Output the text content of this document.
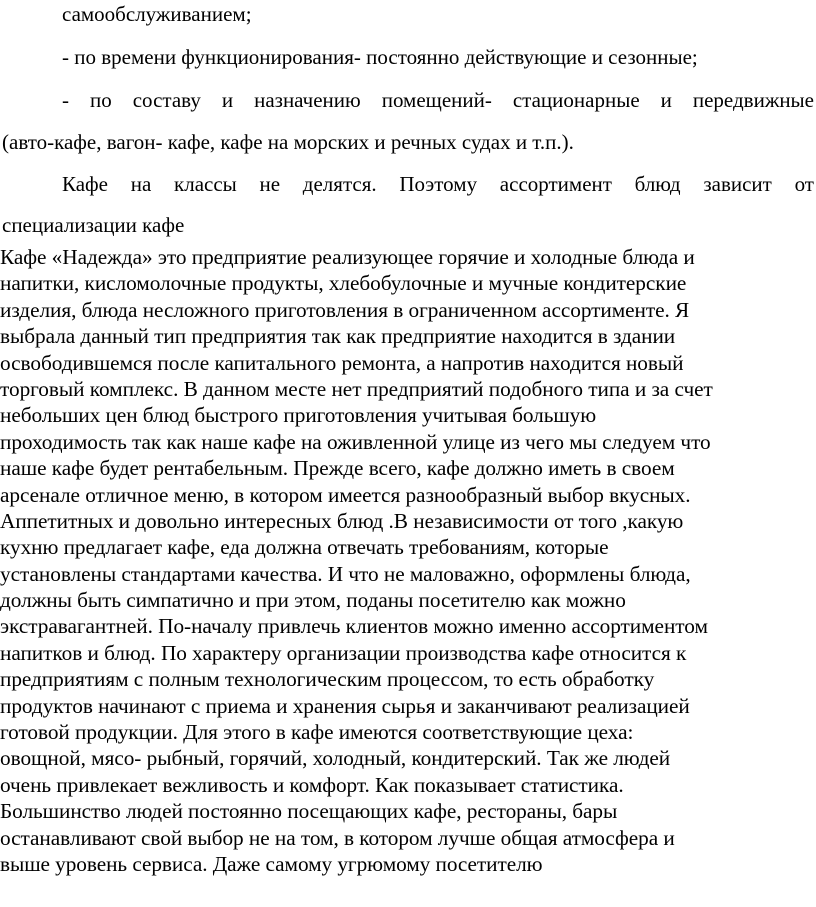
самообслуживанием;

- по времени функционирования- постоянно действующие и сезонные;

- по составу и назначению помещений- стационарные и передвижные

(авто-кафе, вагон- кафе, кафе на морских и речных судах и т.п.).

Кафе на классы не делятся. Поэтому ассортимент блюд зависит от

специализации кафе

Кафе «Надежда» это предприятие реализующее горячие и холодные блюда и

напитки, кисломолочные продукты, хлебобулочные и мучные кондитерские

изделия, блюда несложного приготовления в ограниченном ассортименте. Я

выбрала данный тип предприятия так как предприятие находится в здании

освободившемся после капитального ремонта, а напротив находится новый

торговый комплекс. В данном месте нет предприятий подобного типа и за счет

небольших цен блюд быстрого приготовления учитывая большую

проходимость так как наше кафе на оживленной улице из чего мы следуем что

наше кафе будет рентабельным. Прежде всего, кафе должно иметь в своем

арсенале отличное меню, в котором имеется разнообразный выбор вкусных.

Аппетитных и довольно интересных блюд .В независимости от того ,какую

кухню предлагает кафе, еда должна отвечать требованиям, которые

установлены стандартами качества. И что не маловажно, оформлены блюда,

должны быть симпатично и при этом, поданы посетителю как можно

экстравагантней. По-началу привлечь клиентов можно именно ассортиментом

напитков и блюд. По характеру организации производства кафе относится к

предприятиям с полным технологическим процессом, то есть обработку

продуктов начинают с приема и хранения сырья и заканчивают реализацией

готовой продукции. Для этого в кафе имеются соответствующие цеха:

овощной, мясо- рыбный, горячий, холодный, кондитерский. Так же людей

очень привлекает вежливость и комфорт. Как показывает статистика.

Большинство людей постоянно посещающих кафе, рестораны, бары

останавливают свой выбор не на том, в котором лучше общая атмосфера и

выше уровень сервиса. Даже самому угрюмому посетителю
